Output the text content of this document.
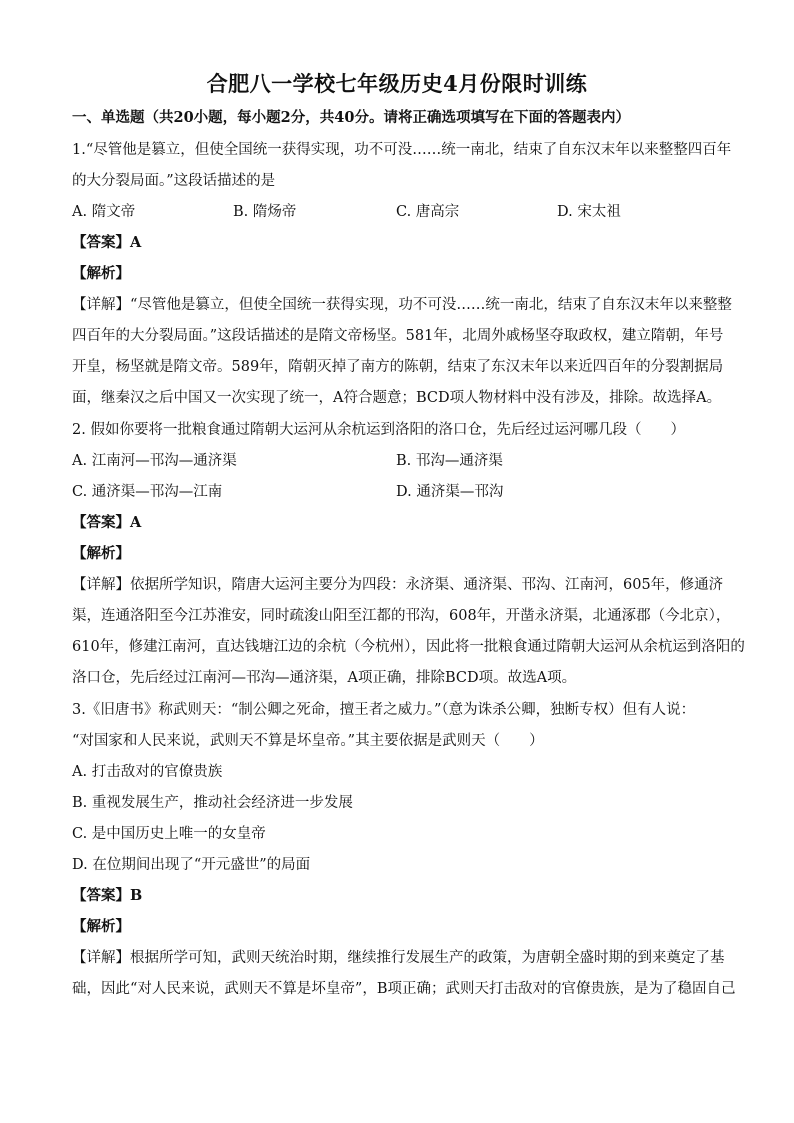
合肥八一学校七年级历史4月份限时训练
一、单选题（共20小题，每小题2分，共40分。请将正确选项填写在下面的答题表内）
1.“尽管他是篡立，但使全国统一获得实现，功不可没……统一南北，结束了自东汉末年以来整整四百年
的大分裂局面。”这段话描述的是
A. 隋文帝	B. 隋炀帝	C. 唐高宗	D. 宋太祖
【答案】A
【解析】
【详解】“尽管他是篡立，但使全国统一获得实现，功不可没……统一南北，结束了自东汉末年以来整整
四百年的大分裂局面。”这段话描述的是隋文帝杨坚。581年，北周外戚杨坚夺取政权，建立隋朝，年号
开皇，杨坚就是隋文帝。589年，隋朝灭掉了南方的陈朝，结束了东汉末年以来近四百年的分裂割据局
面，继秦汉之后中国又一次实现了统一，A符合题意；BCD项人物材料中没有涉及，排除。故选择A。
2. 假如你要将一批粮食通过隋朝大运河从余杭运到洛阳的洛口仓，先后经过运河哪几段（　　）
A. 江南河—邗沟—通济渠	B. 邗沟—通济渠
C. 通济渠—邗沟—江南	D. 通济渠—邗沟
【答案】A
【解析】
【详解】依据所学知识，隋唐大运河主要分为四段：永济渠、通济渠、邗沟、江南河，605年，修通济
渠，连通洛阳至今江苏淮安，同时疏浚山阳至江都的邗沟，608年，开凿永济渠，北通涿郡（今北京），
610年，修建江南河，直达钱塘江边的余杭（今杭州），因此将一批粮食通过隋朝大运河从余杭运到洛阳的
洛口仓，先后经过江南河—邗沟—通济渠，A项正确，排除BCD项。故选A项。
3.《旧唐书》称武则天：“制公卿之死命，擅王者之威力。”（意为诛杀公卿，独断专权）但有人说：
“对国家和人民来说，武则天不算是坏皇帝。”其主要依据是武则天（　　）
A. 打击敌对的官僚贵族
B. 重视发展生产，推动社会经济进一步发展
C. 是中国历史上唯一的女皇帝
D. 在位期间出现了“开元盛世”的局面
【答案】B
【解析】
【详解】根据所学可知，武则天统治时期，继续推行发展生产的政策，为唐朝全盛时期的到来奠定了基
础，因此“对人民来说，武则天不算是坏皇帝”，B项正确；武则天打击敌对的官僚贵族，是为了稳固自己
